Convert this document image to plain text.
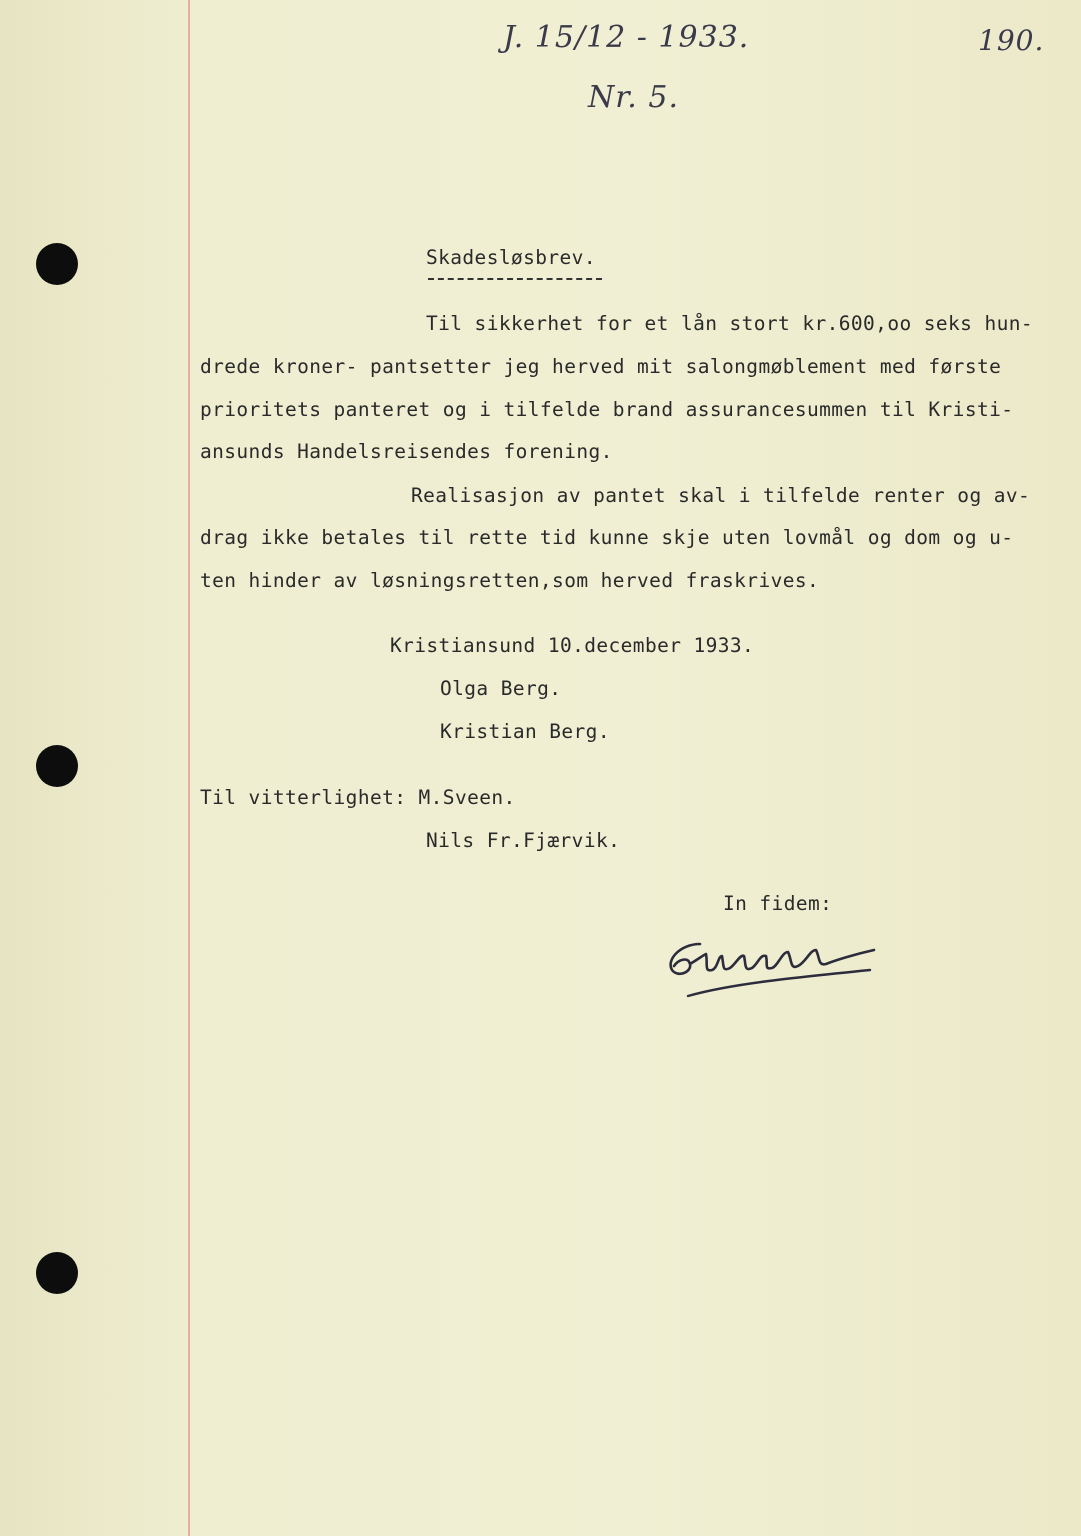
J. 15/12 - 1933.
Nr. 5.
190.
Skadesløsbrev.
Til sikkerhet for et lån stort kr.600,oo seks hun-
drede kroner- pantsetter jeg herved mit salongmøblement med første
prioritets panteret og i tilfelde brand assurancesummen til Kristi-
ansunds Handelsreisendes forening.
Realisasjon av pantet skal i tilfelde renter og av-
drag ikke betales til rette tid kunne skje uten lovmål og dom og u-
ten hinder av løsningsretten,som herved fraskrives.
Kristiansund 10.december 1933.
Olga Berg.
Kristian Berg.
Til vitterlighet: M.Sveen.
Nils Fr.Fjærvik.
In fidem:
